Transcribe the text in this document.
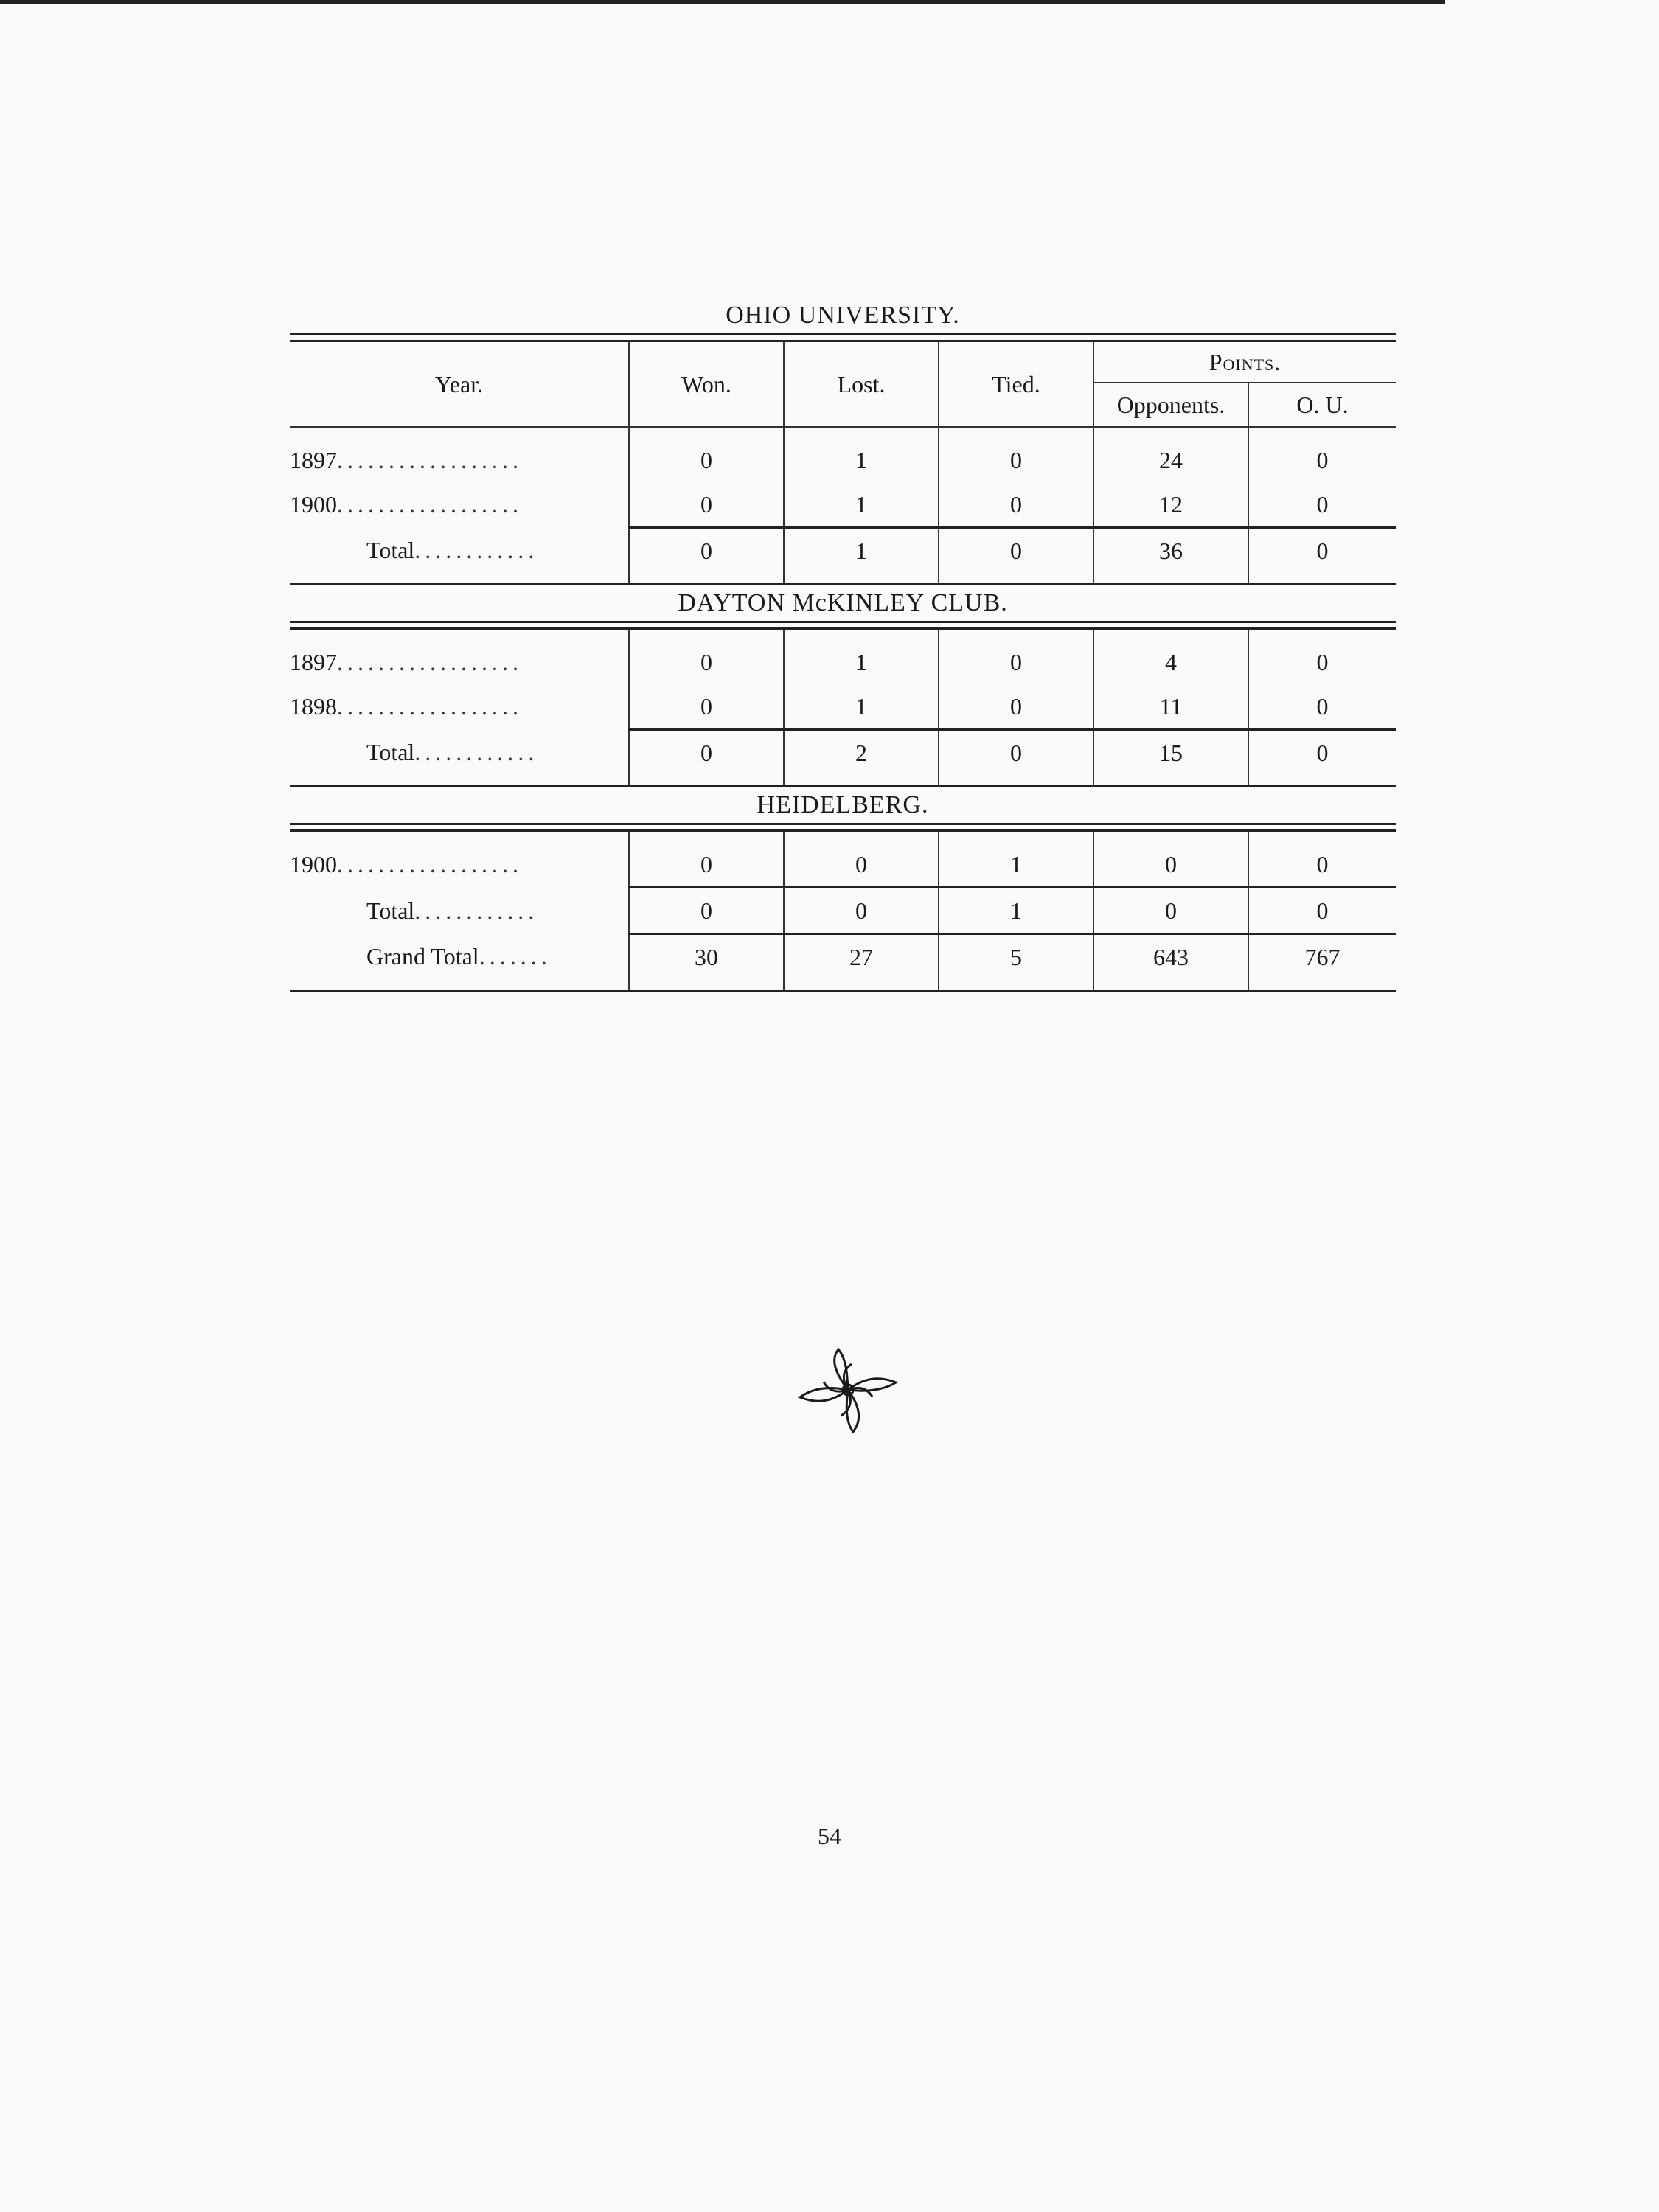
OHIO UNIVERSITY.
Year.	Won.	Lost.	Tied.	Points.	
				Opponents.	O. U.

1897..................	0	1	0	24	0
1900..................	0	1	0	12	0
Total............	0	1	0	36	0

DAYTON McKINLEY CLUB.

1897..................	0	1	0	4	0
1898..................	0	1	0	11	0
Total............	0	2	0	15	0

HEIDELBERG.

1900..................	0	0	1	0	0
Total............	0	0	1	0	0
Grand Total.......	30	27	5	643	767

54
